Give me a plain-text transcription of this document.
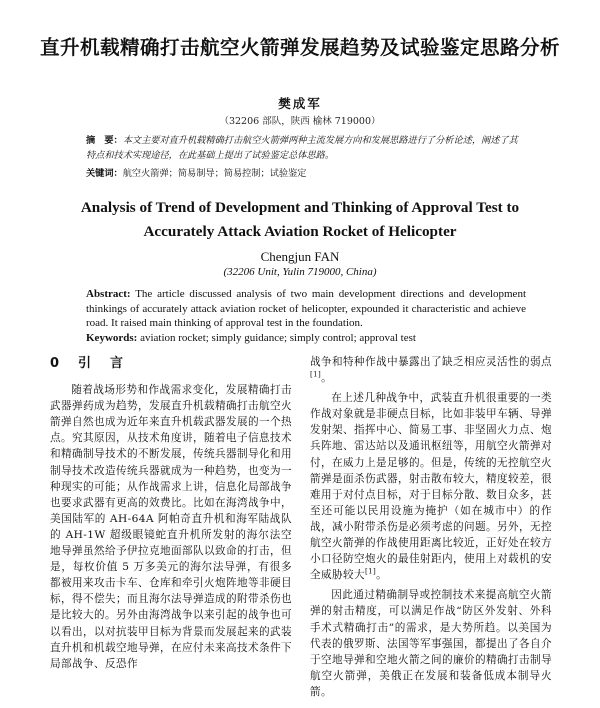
直升机载精确打击航空火箭弹发展趋势及试验鉴定思路分析
樊成军
（32206 部队，陕西 榆林 719000）
摘　要：本文主要对直升机载精确打击航空火箭弹两种主流发展方向和发展思路进行了分析论述，阐述了其特点和技术实现途径，在此基础上提出了试验鉴定总体思路。
关键词：航空火箭弹；简易制导；简易控制；试验鉴定
Analysis of Trend of Development and Thinking of Approval Test to Accurately Attack Aviation Rocket of Helicopter
Chengjun FAN
(32206 Unit, Yulin 719000, China)
Abstract: The article discussed analysis of two main development directions and development thinkings of accurately attack aviation rocket of helicopter, expounded it characteristic and achieve road. It raised main thinking of approval test in the foundation.
Keywords: aviation rocket; simply guidance; simply control; approval test
0　引　言

随着战场形势和作战需求变化，发展精确打击武器弹药成为趋势，发展直升机载精确打击航空火箭弹自然也成为近年来直升机载武器发展的一个热点。究其原因，从技术角度讲，随着电子信息技术和精确制导技术的不断发展，传统兵器制导化和用制导技术改造传统兵器就成为一种趋势，也变为一种现实的可能；从作战需求上讲，信息化局部战争也要求武器有更高的效费比。比如在海湾战争中，美国陆军的 AH-64A 阿帕奇直升机和海军陆战队的 AH-1W 超级眼镜蛇直升机所发射的海尔法空地导弹虽然给予伊拉克地面部队以致命的打击，但是，每枚价值 5 万多美元的海尔法导弹，有很多都被用来攻击卡车、仓库和牵引火炮阵地等非硬目标，得不偿失；而且海尔法导弹造成的附带杀伤也是比较大的。另外由海湾战争以来引起的战争也可以看出，以对抗装甲目标为背景而发展起来的武装直升机和机载空地导弹，在应付未来高技术条件下局部战争、反恐作

战争和特种作战中暴露出了缺乏相应灵活性的弱点[1]。

在上述几种战争中，武装直升机很重要的一类作战对象就是非硬点目标，比如非装甲车辆、导弹发射架、指挥中心、简易工事、非坚固火力点、炮兵阵地、雷达站以及通讯枢纽等，用航空火箭弹对付，在威力上是足够的。但是，传统的无控航空火箭弹是面杀伤武器，射击散布较大，精度较差，很难用于对付点目标，对于目标分散、数目众多，甚至还可能以民用设施为掩护（如在城市中）的作战，减小附带杀伤是必须考虑的问题。另外，无控航空火箭弹的作战使用距离比较近，正好处在较方小口径防空炮火的最佳射距内，使用上对载机的安全威胁较大[1]。

因此通过精确制导或控制技术来提高航空火箭弹的射击精度，可以满足作战“防区外发射、外科手术式精确打击”的需求，是大势所趋。以美国为代表的俄罗斯、法国等军事强国，都提出了各自介于空地导弹和空地火箭之间的廉价的精确打击制导航空火箭弹，美俄正在发展和装备低成本制导火箭。
